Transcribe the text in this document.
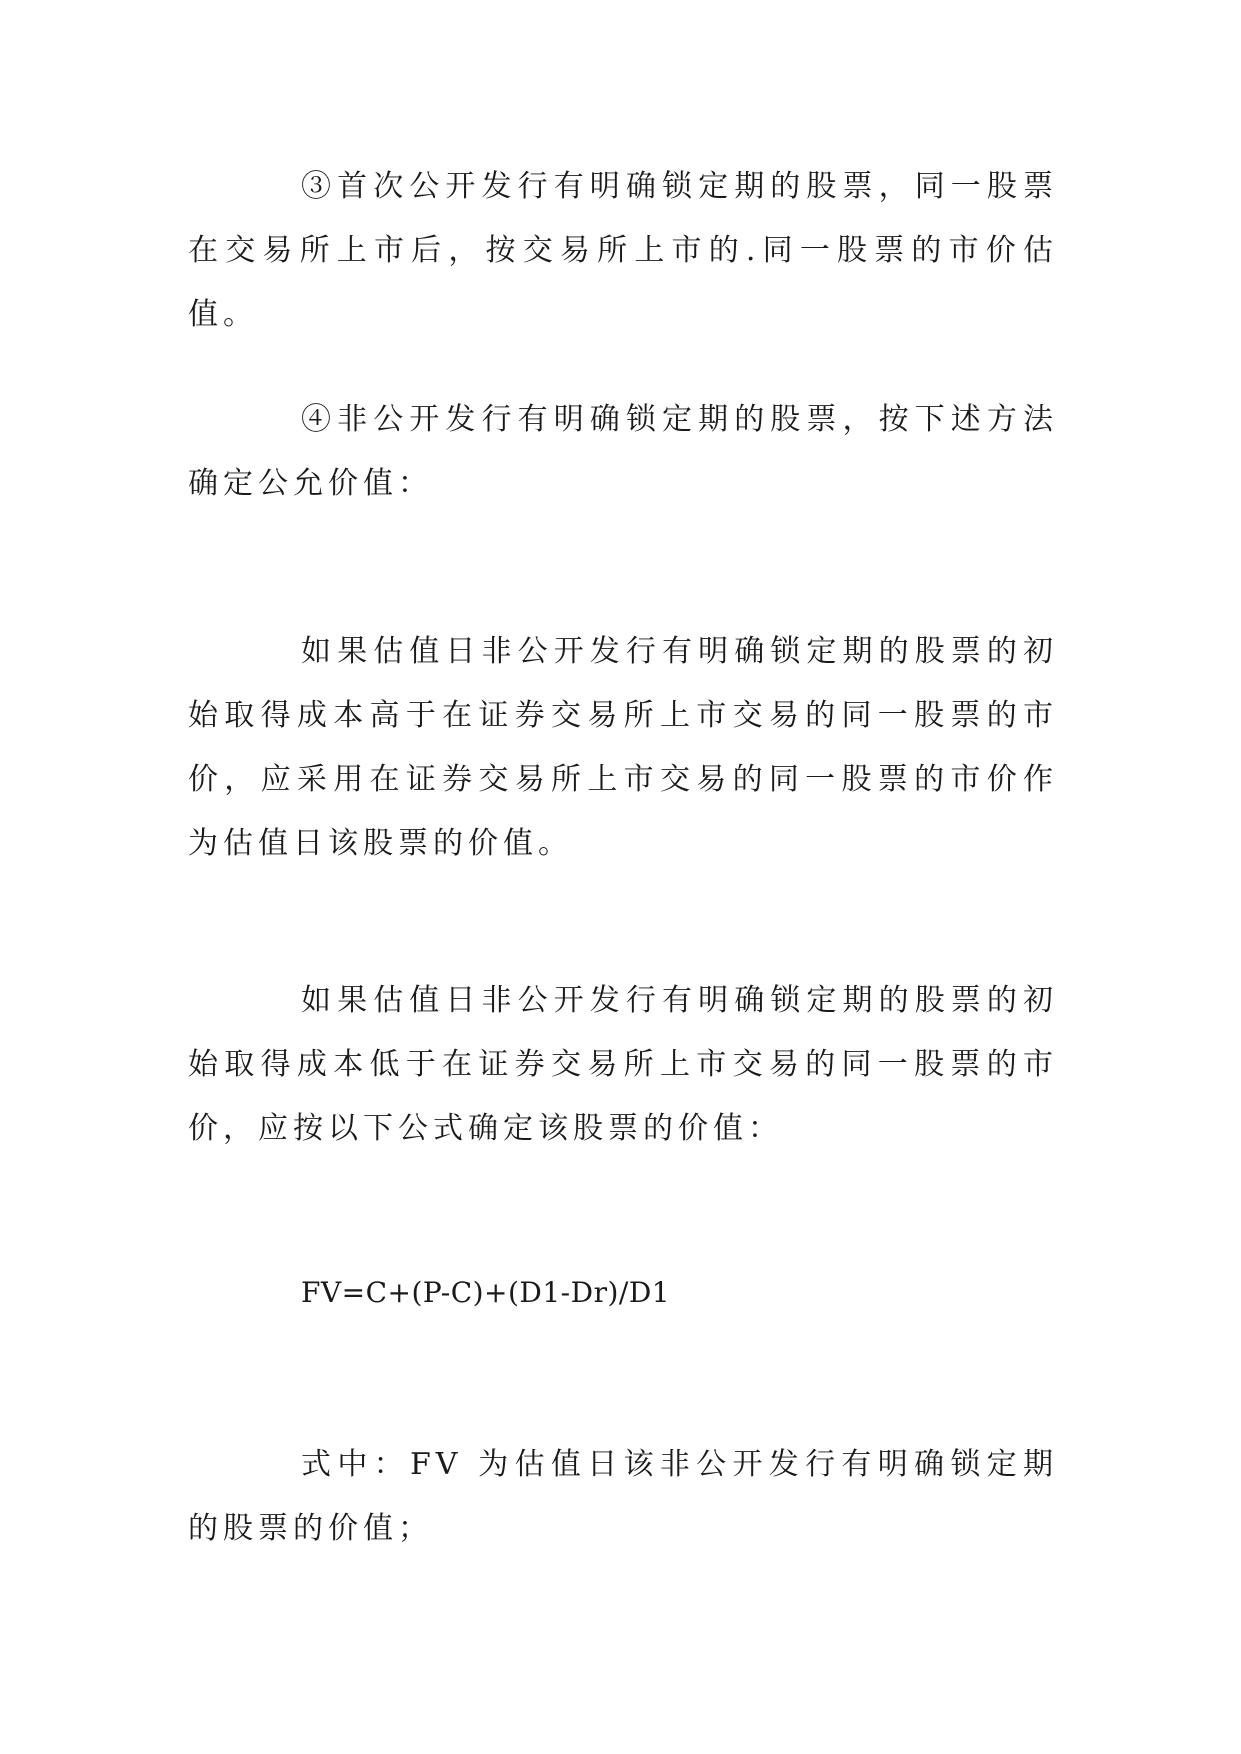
③首次公开发行有明确锁定期的股票，同一股票在交易所上市后，按交易所上市的.同一股票的市价估值。

④非公开发行有明确锁定期的股票，按下述方法确定公允价值：

如果估值日非公开发行有明确锁定期的股票的初始取得成本高于在证券交易所上市交易的同一股票的市价，应采用在证券交易所上市交易的同一股票的市价作为估值日该股票的价值。

如果估值日非公开发行有明确锁定期的股票的初始取得成本低于在证券交易所上市交易的同一股票的市价，应按以下公式确定该股票的价值：

FV=C+(P-C)+(D1-Dr)/D1

式中：FV 为估值日该非公开发行有明确锁定期的股票的价值；
